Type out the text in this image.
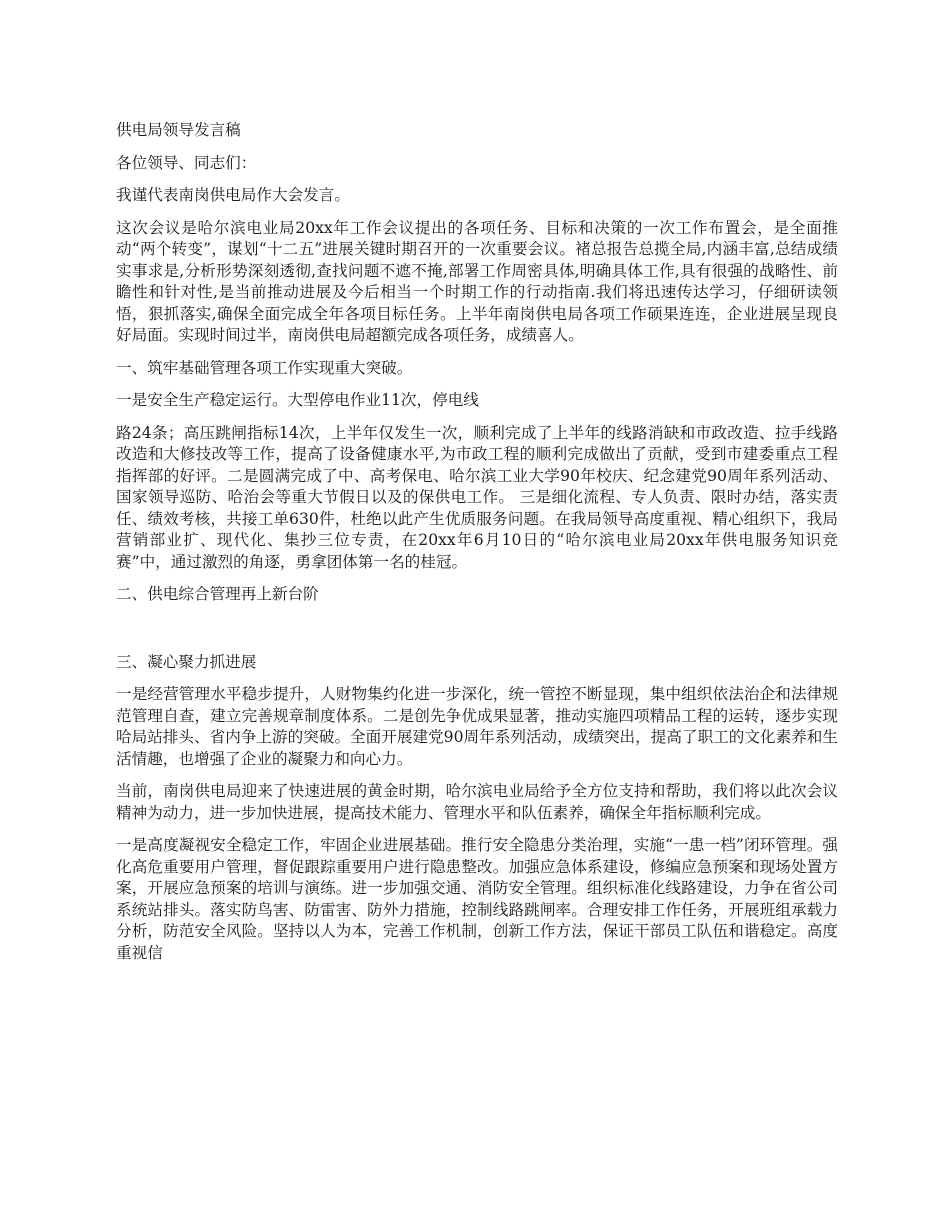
供电局领导发言稿

各位领导、同志们：

我谨代表南岗供电局作大会发言。

这次会议是哈尔滨电业局20xx年工作会议提出的各项任务、目标和决策的一次工作布置会，是全面推动“两个转变”，谋划“十二五”进展关键时期召开的一次重要会议。褚总报告总揽全局,内涵丰富,总结成绩实事求是,分析形势深刻透彻,查找问题不遮不掩,部署工作周密具体,明确具体工作,具有很强的战略性、前瞻性和针对性,是当前推动进展及今后相当一个时期工作的行动指南.我们将迅速传达学习，仔细研读领悟，狠抓落实,确保全面完成全年各项目标任务。上半年南岗供电局各项工作硕果连连，企业进展呈现良好局面。实现时间过半，南岗供电局超额完成各项任务，成绩喜人。

一、筑牢基础管理各项工作实现重大突破。

一是安全生产稳定运行。大型停电作业11次，停电线

路24条；高压跳闸指标14次，上半年仅发生一次，顺利完成了上半年的线路消缺和市政改造、拉手线路改造和大修技改等工作，提高了设备健康水平,为市政工程的顺利完成做出了贡献，受到市建委重点工程指挥部的好评。二是圆满完成了中、高考保电、哈尔滨工业大学90年校庆、纪念建党90周年系列活动、国家领导巡防、哈治会等重大节假日以及的保供电工作。 三是细化流程、专人负责、限时办结，落实责任、绩效考核，共接工单630件，杜绝以此产生优质服务问题。在我局领导高度重视、精心组织下，我局营销部业扩、现代化、集抄三位专责，在20xx年6月10日的“哈尔滨电业局20xx年供电服务知识竞赛”中，通过激烈的角逐，勇拿团体第一名的桂冠。

二、供电综合管理再上新台阶

三、凝心聚力抓进展

一是经营管理水平稳步提升，人财物集约化进一步深化，统一管控不断显现，集中组织依法治企和法律规范管理自查，建立完善规章制度体系。二是创先争优成果显著，推动实施四项精品工程的运转，逐步实现哈局站排头、省内争上游的突破。全面开展建党90周年系列活动，成绩突出，提高了职工的文化素养和生活情趣，也增强了企业的凝聚力和向心力。

当前，南岗供电局迎来了快速进展的黄金时期，哈尔滨电业局给予全方位支持和帮助，我们将以此次会议精神为动力，进一步加快进展，提高技术能力、管理水平和队伍素养，确保全年指标顺利完成。

一是高度凝视安全稳定工作，牢固企业进展基础。推行安全隐患分类治理，实施“一患一档”闭环管理。强化高危重要用户管理，督促跟踪重要用户进行隐患整改。加强应急体系建设，修编应急预案和现场处置方案，开展应急预案的培训与演练。进一步加强交通、消防安全管理。组织标准化线路建设，力争在省公司系统站排头。落实防鸟害、防雷害、防外力措施，控制线路跳闸率。合理安排工作任务，开展班组承载力分析，防范安全风险。坚持以人为本，完善工作机制，创新工作方法，保证干部员工队伍和谐稳定。高度重视信
